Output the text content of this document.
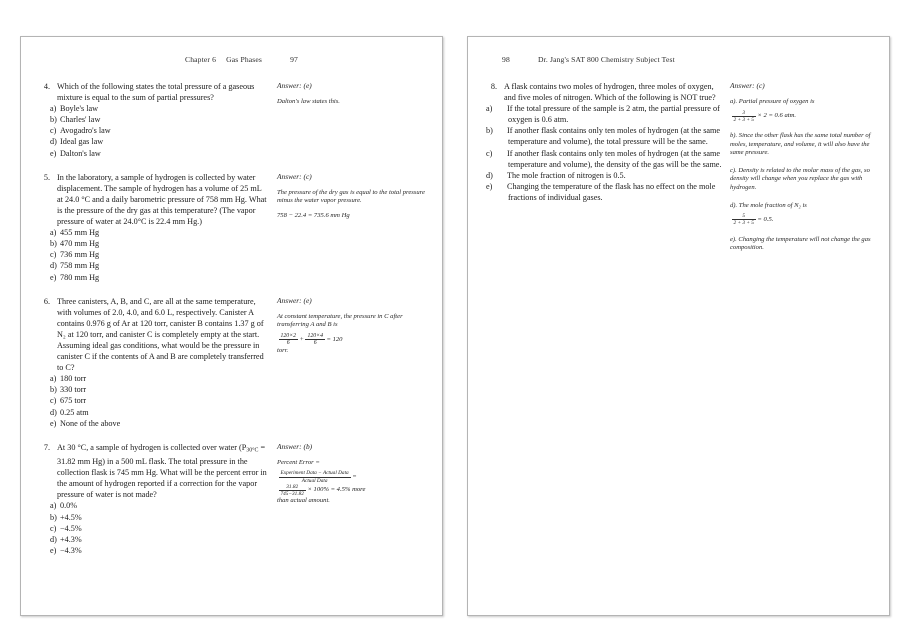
Chapter 6 Gas Phases	97
4. Which of the following states the total pressure of a gaseous mixture is equal to the sum of partial pressures?
a) Boyle's law
b) Charles' law
c) Avogadro's law
d) Ideal gas law
e) Dalton's law
Answer: (e)
Dalton's law states this.
5. In the laboratory, a sample of hydrogen is collected by water displacement. The sample of hydrogen has a volume of 25 mL at 24.0 °C and a daily barometric pressure of 758 mm Hg. What is the pressure of the dry gas at this temperature? (The vapor pressure of water at 24.0°C is 22.4 mm Hg.)
a) 455 mm Hg
b) 470 mm Hg
c) 736 mm Hg
d) 758 mm Hg
e) 780 mm Hg
Answer: (c)
The pressure of the dry gas is equal to the total pressure minus the water vapor pressure.
758 − 22.4 = 735.6 mm Hg
6. Three canisters, A, B, and C, are all at the same temperature, with volumes of 2.0, 4.0, and 6.0 L, respectively. Canister A contains 0.976 g of Ar at 120 torr, canister B contains 1.37 g of N₂ at 120 torr, and canister C is completely empty at the start. Assuming ideal gas conditions, what would be the pressure in canister C if the contents of A and B are completely transferred to C?
a) 180 torr
b) 330 torr
c) 675 torr
d) 0.25 atm
e) None of the above
Answer: (e)
At constant temperature, the pressure in C after transferring A and B is
$\frac{120\times 2}{6} + \frac{120\times 4}{6} = 120$
torr.
7. At 30 °C, a sample of hydrogen is collected over water ($P_{30^\circ C} = 31.82$ mm Hg) in a 500 mL flask. The total pressure in the collection flask is 745 mm Hg. What will be the percent error in the amount of hydrogen reported if a correction for the vapor pressure of water is not made?
a) 0.0%
b) +4.5%
c) −4.5%
d) +4.3%
e) −4.3%
Answer: (b)
Percent Error =
$\frac{\text{Experiment Data − Actual Data}}{\text{Actual Data}}$ =
$\frac{31.82}{745-31.82} \times 100\% = 4.5\%$ more
than actual amount.
98	Dr. Jang's SAT 800 Chemistry Subject Test
8. A flask contains two moles of hydrogen, three moles of oxygen, and five moles of nitrogen. Which of the following is NOT true?
a) If the total pressure of the sample is 2 atm, the partial pressure of oxygen is 0.6 atm.
b) If another flask contains only ten moles of hydrogen (at the same temperature and volume), the total pressure will be the same.
c) If another flask contains only ten moles of hydrogen (at the same temperature and volume), the density of the gas will be the same.
d) The mole fraction of nitrogen is 0.5.
e) Changing the temperature of the flask has no effect on the mole fractions of individual gases.
Answer: (c)
a). Partial pressure of oxygen is
$\frac{3}{2 + 3 + 5} \times 2 = 0.6$ atm.
b). Since the other flask has the same total number of moles, temperature, and volume, it will also have the same pressure.
c). Density is related to the molar mass of the gas, so density will change when you replace the gas with hydrogen.
d). The mole fraction of N₂ is
$\frac{5}{2 + 3 + 5} = 0.5$.
e). Changing the temperature will not change the gas composition.
